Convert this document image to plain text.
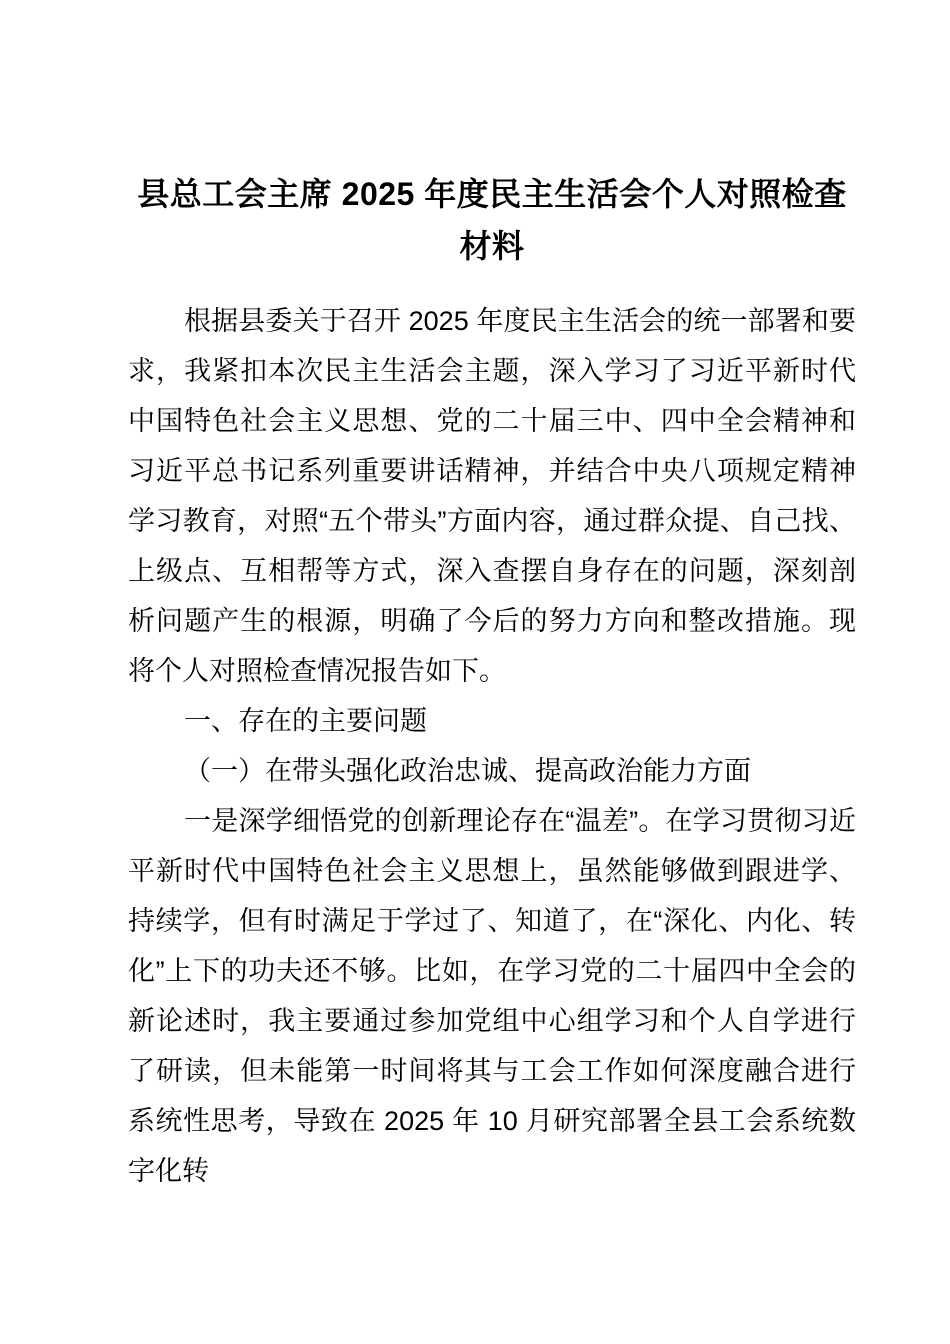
县总工会主席 2025 年度民主生活会个人对照检查材料

根据县委关于召开 2025 年度民主生活会的统一部署和要求，我紧扣本次民主生活会主题，深入学习了习近平新时代中国特色社会主义思想、党的二十届三中、四中全会精神和习近平总书记系列重要讲话精神，并结合中央八项规定精神学习教育，对照“五个带头”方面内容，通过群众提、自己找、上级点、互相帮等方式，深入查摆自身存在的问题，深刻剖析问题产生的根源，明确了今后的努力方向和整改措施。现将个人对照检查情况报告如下。

一、存在的主要问题

（一）在带头强化政治忠诚、提高政治能力方面

一是深学细悟党的创新理论存在“温差”。在学习贯彻习近平新时代中国特色社会主义思想上，虽然能够做到跟进学、持续学，但有时满足于学过了、知道了，在“深化、内化、转化”上下的功夫还不够。比如，在学习党的二十届四中全会的新论述时，我主要通过参加党组中心组学习和个人自学进行了研读，但未能第一时间将其与工会工作如何深度融合进行系统性思考，导致在 2025 年 10 月研究部署全县工会系统数字化转
